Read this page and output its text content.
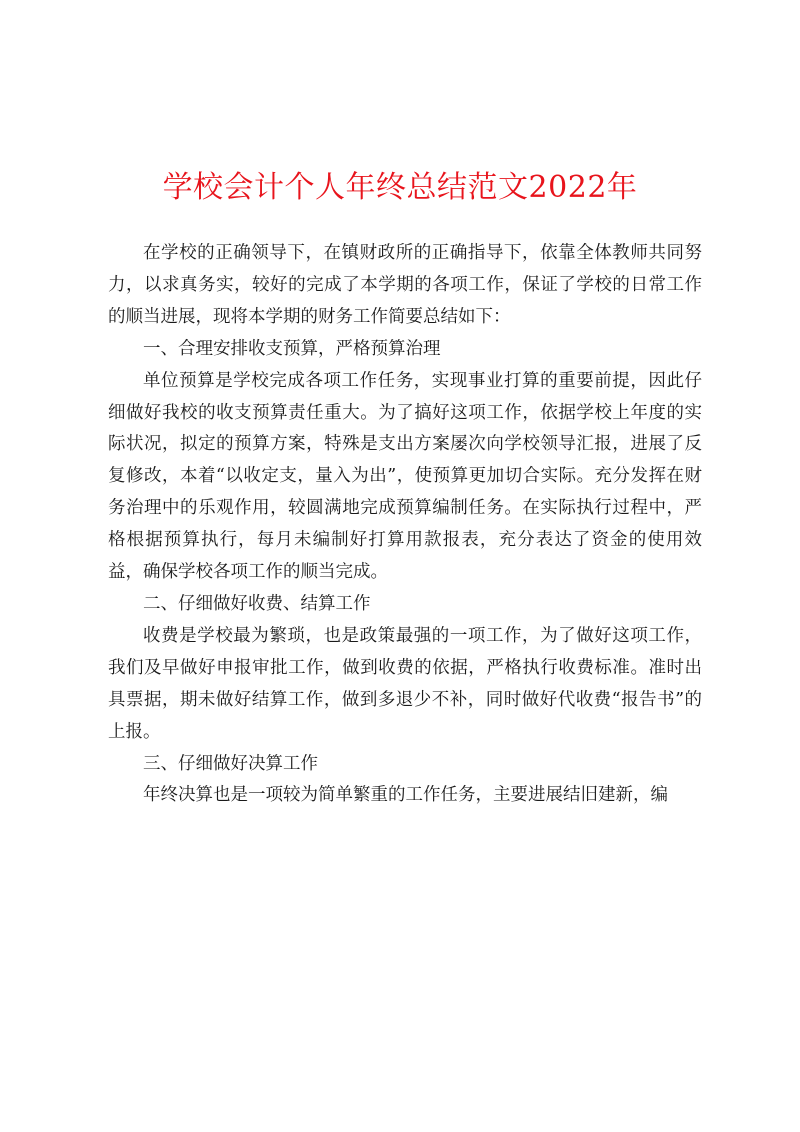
学校会计个人年终总结范文2022年

在学校的正确领导下，在镇财政所的正确指导下，依靠全体教师共同努力，以求真务实，较好的完成了本学期的各项工作，保证了学校的日常工作的顺当进展，现将本学期的财务工作简要总结如下：

一、合理安排收支预算，严格预算治理

单位预算是学校完成各项工作任务，实现事业打算的重要前提，因此仔细做好我校的收支预算责任重大。为了搞好这项工作，依据学校上年度的实际状况，拟定的预算方案，特殊是支出方案屡次向学校领导汇报，进展了反复修改，本着“以收定支，量入为出”，使预算更加切合实际。充分发挥在财务治理中的乐观作用，较圆满地完成预算编制任务。在实际执行过程中，严格根据预算执行，每月未编制好打算用款报表，充分表达了资金的使用效益，确保学校各项工作的顺当完成。

二、仔细做好收费、结算工作

收费是学校最为繁琐，也是政策最强的一项工作，为了做好这项工作，我们及早做好申报审批工作，做到收费的依据，严格执行收费标准。准时出具票据，期未做好结算工作，做到多退少不补，同时做好代收费“报告书”的上报。

三、仔细做好决算工作

年终决算也是一项较为简单繁重的工作任务，主要进展结旧建新，编
